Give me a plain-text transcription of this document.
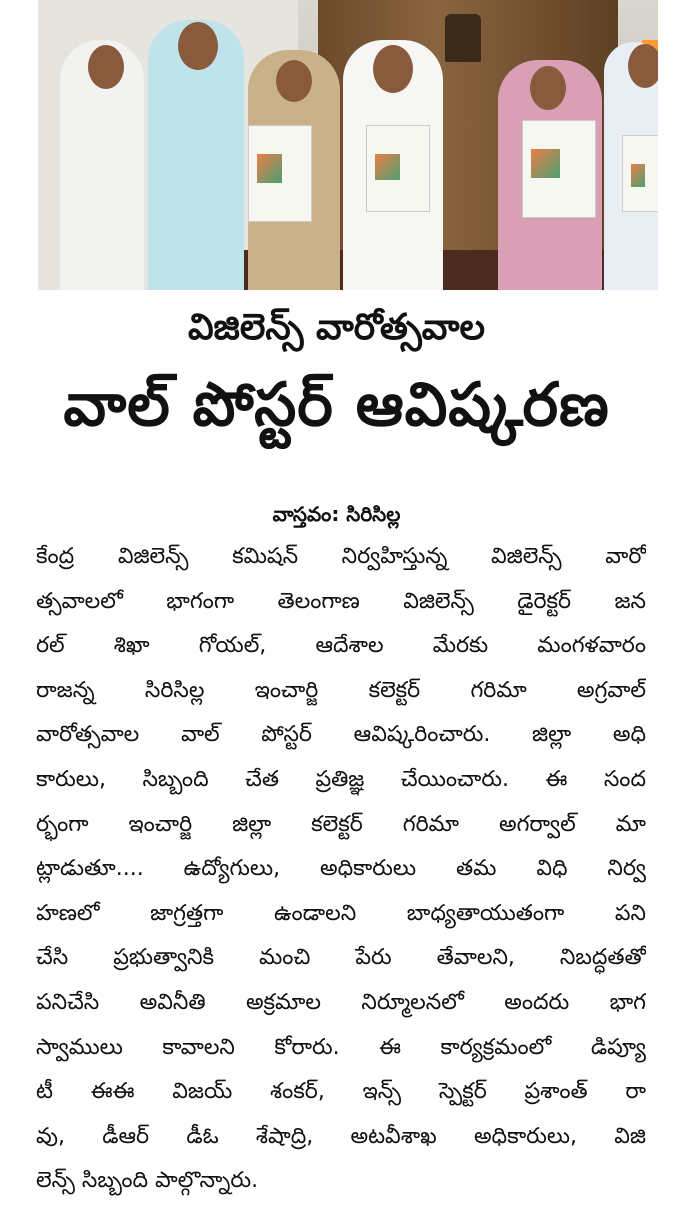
విజిలెన్స్ వారోత్సవాల
వాల్ పోస్టర్ ఆవిష్కరణ
వాస్తవం: సిరిసిల్ల
కేంద్ర విజిలెన్స్ కమిషన్ నిర్వహిస్తున్న విజిలెన్స్ వారో
త్సవాలలో భాగంగా తెలంగాణ విజిలెన్స్ డైరెక్టర్ జన
రల్ శిఖా గోయల్, ఆదేశాల మేరకు మంగళవారం
రాజన్న సిరిసిల్ల ఇంచార్జి కలెక్టర్ గరిమా అగ్రవాల్
వారోత్సవాల వాల్ పోస్టర్ ఆవిష్కరించారు. జిల్లా అధి
కారులు, సిబ్బంది చేత ప్రతిజ్ఞ చేయించారు. ఈ సంద
ర్భంగా ఇంచార్జి జిల్లా కలెక్టర్ గరిమా అగర్వాల్ మా
ట్లాడుతూ.... ఉద్యోగులు, అధికారులు తమ విధి నిర్వ
హణలో జాగ్రత్తగా ఉండాలని బాధ్యతాయుతంగా పని
చేసి ప్రభుత్వానికి మంచి పేరు తేవాలని, నిబద్ధతతో
పనిచేసి అవినీతి అక్రమాల నిర్మూలనలో అందరు భాగ
స్వాములు కావాలని కోరారు. ఈ కార్యక్రమంలో డిప్యూ
టీ ఈఈ విజయ్ శంకర్, ఇన్స్ స్పెక్టర్ ప్రశాంత్ రా
వు, డీఆర్ డీఓ శేషాద్రి, అటవీశాఖ అధికారులు, విజి
లెన్స్ సిబ్బంది పాల్గొన్నారు.
